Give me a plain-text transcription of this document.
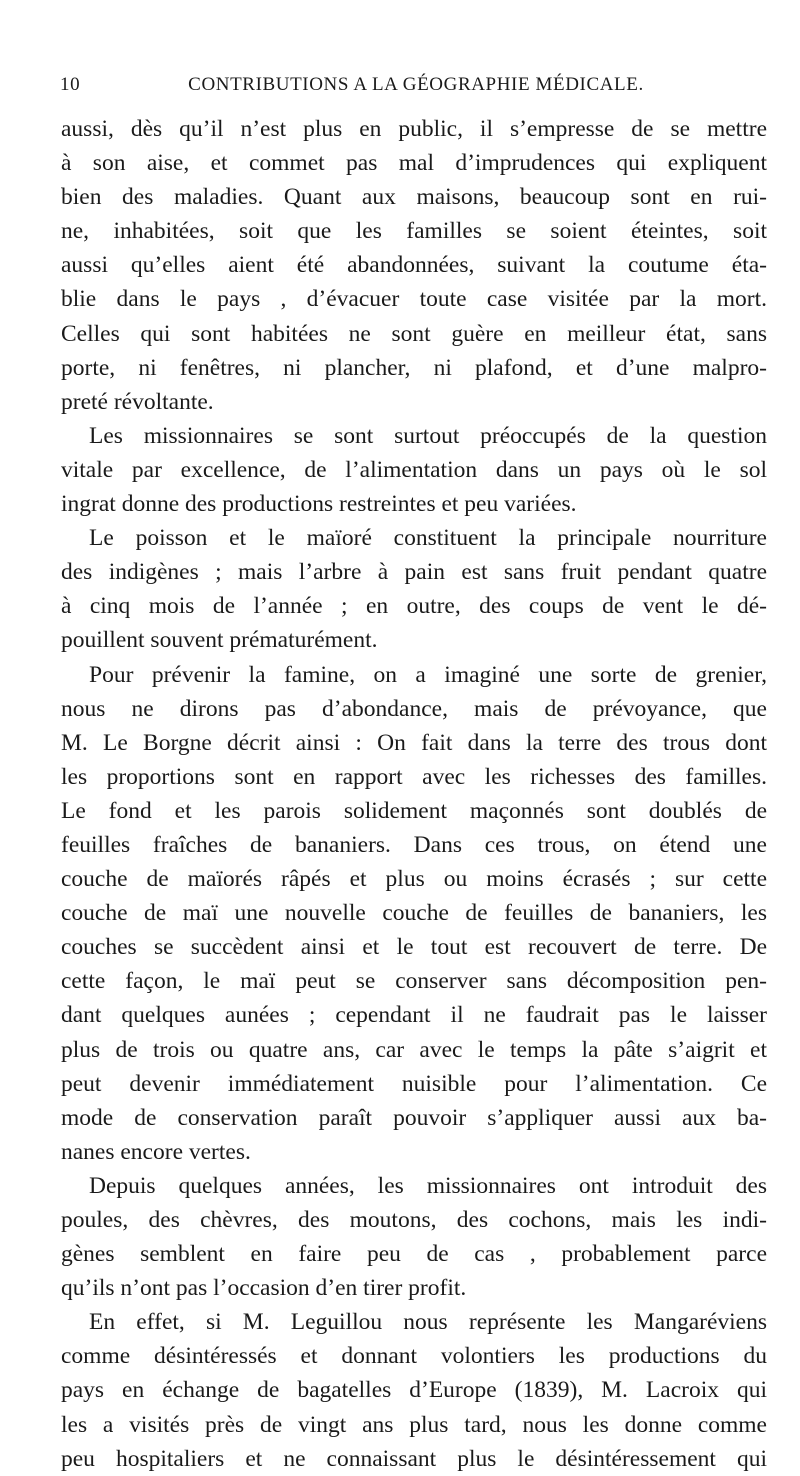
10	CONTRIBUTIONS A LA GÉOGRAPHIE MÉDICALE.
aussi, dès qu’il n’est plus en public, il s’empresse de se mettre
à son aise, et commet pas mal d’imprudences qui expliquent
bien des maladies. Quant aux maisons, beaucoup sont en rui-
ne, inhabitées, soit que les familles se soient éteintes, soit
aussi qu’elles aient été abandonnées, suivant la coutume éta-
blie dans le pays , d’évacuer toute case visitée par la mort.
Celles qui sont habitées ne sont guère en meilleur état, sans
porte, ni fenêtres, ni plancher, ni plafond, et d’une malpro-
preté révoltante.
Les missionnaires se sont surtout préoccupés de la question
vitale par excellence, de l’alimentation dans un pays où le sol
ingrat donne des productions restreintes et peu variées.
Le poisson et le maïoré constituent la principale nourriture
des indigènes ; mais l’arbre à pain est sans fruit pendant quatre
à cinq mois de l’année ; en outre, des coups de vent le dé-
pouillent souvent prématurément.
Pour prévenir la famine, on a imaginé une sorte de grenier,
nous ne dirons pas d’abondance, mais de prévoyance, que
M. Le Borgne décrit ainsi : On fait dans la terre des trous dont
les proportions sont en rapport avec les richesses des familles.
Le fond et les parois solidement maçonnés sont doublés de
feuilles fraîches de bananiers. Dans ces trous, on étend une
couche de maïorés râpés et plus ou moins écrasés ; sur cette
couche de maï une nouvelle couche de feuilles de bananiers, les
couches se succèdent ainsi et le tout est recouvert de terre. De
cette façon, le maï peut se conserver sans décomposition pen-
dant quelques aunées ; cependant il ne faudrait pas le laisser
plus de trois ou quatre ans, car avec le temps la pâte s’aigrit et
peut devenir immédiatement nuisible pour l’alimentation. Ce
mode de conservation paraît pouvoir s’appliquer aussi aux ba-
nanes encore vertes.
Depuis quelques années, les missionnaires ont introduit des
poules, des chèvres, des moutons, des cochons, mais les indi-
gènes semblent en faire peu de cas , probablement parce
qu’ils n’ont pas l’occasion d’en tirer profit.
En effet, si M. Leguillou nous représente les Mangaréviens
comme désintéressés et donnant volontiers les productions du
pays en échange de bagatelles d’Europe (1839), M. Lacroix qui
les a visités près de vingt ans plus tard, nous les donne comme
peu hospitaliers et ne connaissant plus le désintéressement qui
